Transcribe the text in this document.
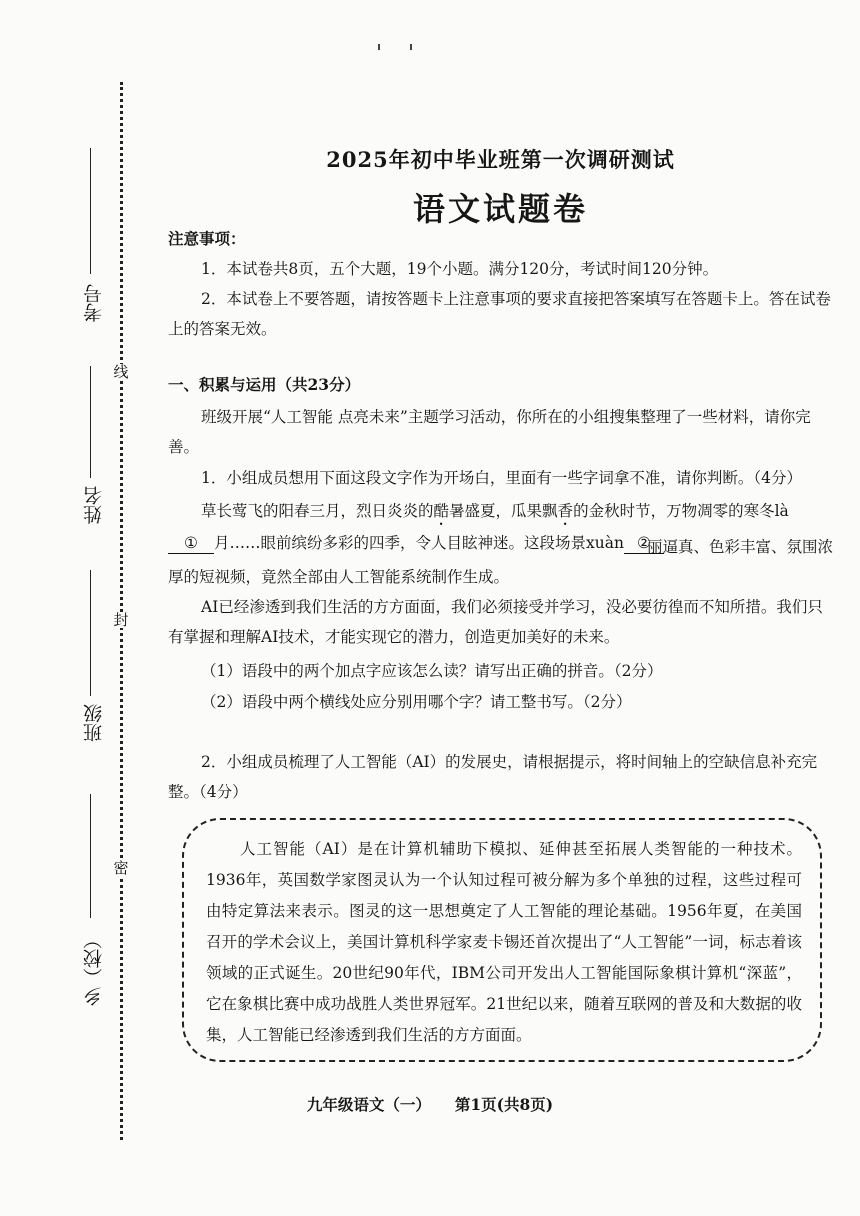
考号
姓名
班级
乡（校）
线
封
密
2025年初中毕业班第一次调研测试
语文试题卷
注意事项：
1．本试卷共8页，五个大题，19个小题。满分120分，考试时间120分钟。
2．本试卷上不要答题，请按答题卡上注意事项的要求直接把答案填写在答题卡上。答在试卷上的答案无效。
一、积累与运用（共23分）
班级开展“人工智能 点亮未来”主题学习活动，你所在的小组搜集整理了一些材料，请你完善。
1．小组成员想用下面这段文字作为开场白，里面有一些字词拿不准，请你判断。（4分）
草长莺飞的阳春三月，烈日炎炎的酷暑盛夏，瓜果飘香的金秋时节，万物凋零的寒冬là
① 月……眼前缤纷多彩的四季，令人目眩神迷。这段场景xuàn ②
丽逼真、色彩丰富、氛围浓厚的短视频，竟然全部由人工智能系统制作生成。
AI已经渗透到我们生活的方方面面，我们必须接受并学习，没必要彷徨而不知所措。我们只有掌握和理解AI技术，才能实现它的潜力，创造更加美好的未来。
（1）语段中的两个加点字应该怎么读？请写出正确的拼音。（2分）
（2）语段中两个横线处应分别用哪个字？请工整书写。（2分）
2．小组成员梳理了人工智能（AI）的发展史，请根据提示，将时间轴上的空缺信息补充完整。（4分）
人工智能（AI）是在计算机辅助下模拟、延伸甚至拓展人类智能的一种技术。1936年，英国数学家图灵认为一个认知过程可被分解为多个单独的过程，这些过程可由特定算法来表示。图灵的这一思想奠定了人工智能的理论基础。1956年夏，在美国召开的学术会议上，美国计算机科学家麦卡锡还首次提出了“人工智能”一词，标志着该领域的正式诞生。20世纪90年代，IBM公司开发出人工智能国际象棋计算机“深蓝”，它在象棋比赛中成功战胜人类世界冠军。21世纪以来，随着互联网的普及和大数据的收集，人工智能已经渗透到我们生活的方方面面。
九年级语文（一） 第1页(共8页)
